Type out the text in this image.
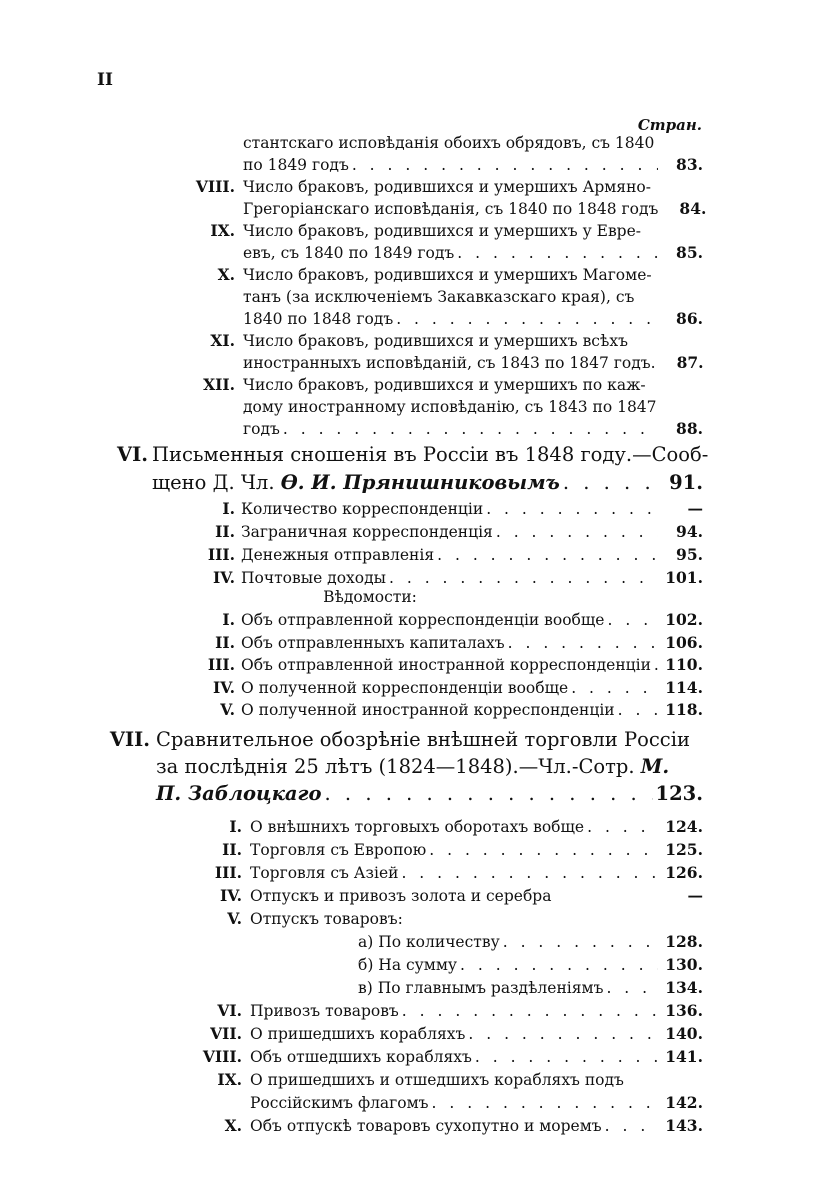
II
Стран.
стантскаго исповѣданія обоихъ обрядовъ, съ 1840
по 1849 годъ . . .	83.
VIII. Число браковъ, родившихся и умершихъ Армяно-
Грегоріанскаго исповѣданія, съ 1840 по 1848 годъ	84.
IX. Число браковъ, родившихся и умершихъ у Евре-
евъ, съ 1840 по 1849 годъ . . .	85.
X. Число браковъ, родившихся и умершихъ Магоме-
танъ (за исключеніемъ Закавказскаго края), съ
1840 по 1848 годъ . . .	86.
XI. Число браковъ, родившихся и умершихъ всѣхъ
иностранныхъ исповѣданій, съ 1843 по 1847 годъ.	87.
XII. Число браковъ, родившихся и умершихъ по каж-
дому иностранному исповѣданію, съ 1843 по 1847
годъ . . .	88.
VI. Письменныя сношенія въ Россіи въ 1848 году.—Сооб-
щено Д. Чл. Ѳ. И. Прянишниковымъ . . .	91.
I. Количество корреспонденціи . . .	—
II. Заграничная корреспонденція . . .	94.
III. Денежныя отправленія . . .	95.
IV. Почтовые доходы . . .	101.
Вѣдомости:
I. Объ отправленной корреспонденціи вообще . . .	102.
II. Объ отправленныхъ капиталахъ . . .	106.
III. Объ отправленной иностранной корреспонденціи . . . 110.
IV. О полученной корреспонденціи вообще . . .	114.
V. О полученной иностранной корреспонденціи . . .	118.
VII. Сравнительное обозрѣніе внѣшней торговли Россіи
за послѣднія 25 лѣтъ (1824—1848).—Чл.-Сотр. М.
П. Заблоцкаго . . .	123.
I. О внѣшнихъ торговыхъ оборотахъ вобще . . .	124.
II. Торговля съ Европою . . .	125.
III. Торговля съ Азіей . . .	126.
IV. Отпускъ и привозъ золота и серебра	—
V. Отпускъ товаровъ:
а) По количеству . . .	128.
б) На сумму . . .	130.
в) По главнымъ раздѣленіямъ . . .	134.
VI. Привозъ товаровъ . . .	136.
VII. О пришедшихъ корабляхъ . . .	140.
VIII. Объ отшедшихъ корабляхъ . . .	141.
IX. О пришедшихъ и отшедшихъ корабляхъ подъ
Россійскимъ флагомъ . . .	142.
X. Объ отпускѣ товаровъ сухопутно и моремъ . . .	143.
